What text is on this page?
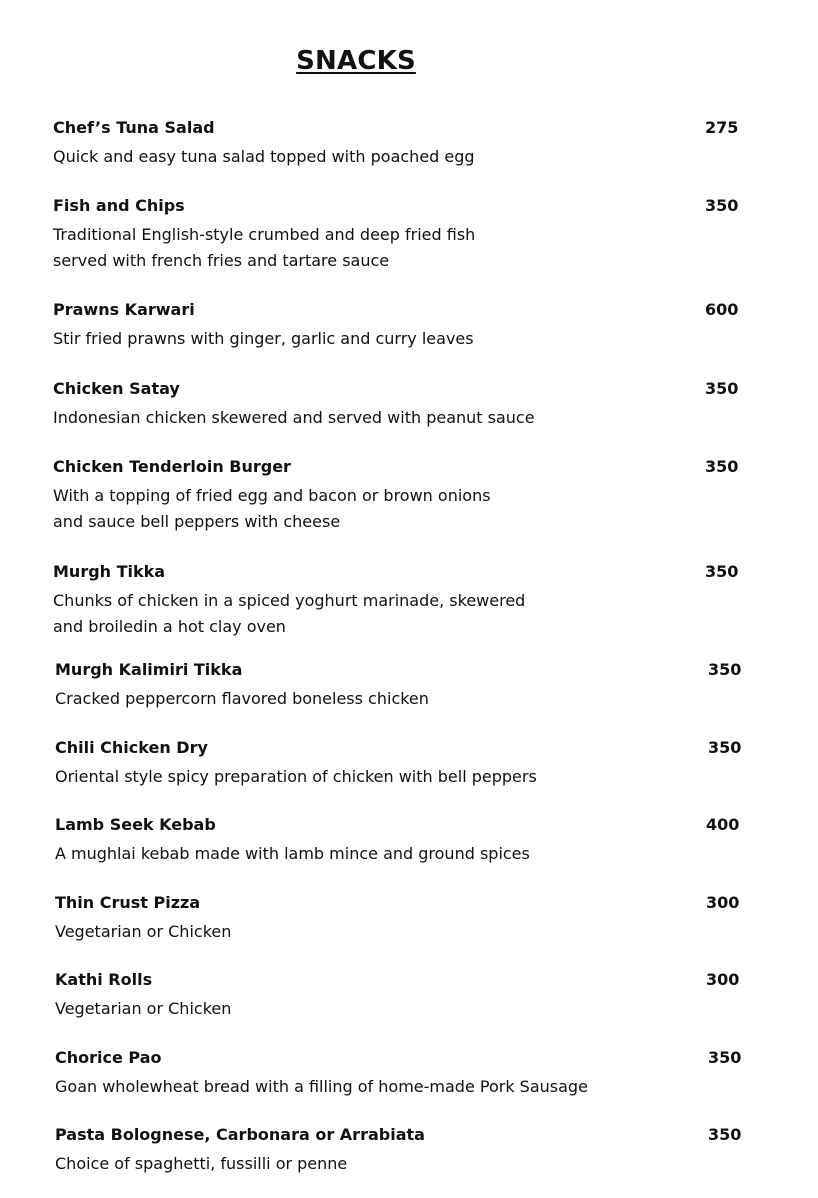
SNACKS
Chef’s Tuna Salad	275
Quick and easy tuna salad topped with poached egg
Fish and Chips	350
Traditional English-style crumbed and deep fried fish
served with french fries and tartare sauce
Prawns Karwari	600
Stir fried prawns with ginger, garlic and curry leaves
Chicken Satay	350
Indonesian chicken skewered and served with peanut sauce
Chicken Tenderloin Burger	350
With a topping of fried egg and bacon or brown onions
and sauce bell peppers with cheese
Murgh Tikka	350
Chunks of chicken in a spiced yoghurt marinade, skewered
and broiledin a hot clay oven
Murgh Kalimiri Tikka	350
Cracked peppercorn flavored boneless chicken
Chili Chicken Dry	350
Oriental style spicy preparation of chicken with bell peppers
Lamb Seek Kebab	400
A mughlai kebab made with lamb mince and ground spices
Thin Crust Pizza	300
Vegetarian or Chicken
Kathi Rolls	300
Vegetarian or Chicken
Chorice Pao	350
Goan wholewheat bread with a filling of home-made Pork Sausage
Pasta Bolognese, Carbonara or Arrabiata	350
Choice of spaghetti, fussilli or penne
